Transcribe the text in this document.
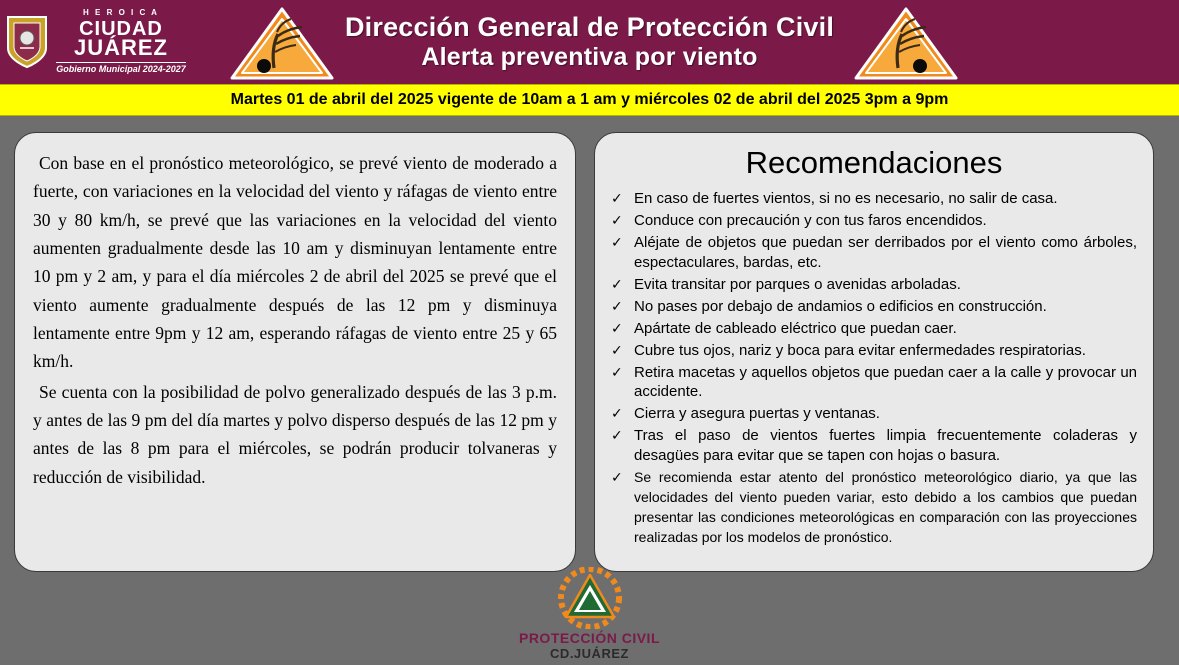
H E R O I C A
CIUDAD
JUÁREZ
Gobierno Municipal 2024-2027
Dirección General de Protección Civil
Alerta preventiva por viento
Martes 01 de abril del 2025 vigente de 10am a 1 am y miércoles 02 de abril del 2025 3pm a 9pm

Con base en el pronóstico meteorológico, se prevé viento de moderado a fuerte, con variaciones en la velocidad del viento y ráfagas de viento entre 30 y 80 km/h, se prevé que las variaciones en la velocidad del viento aumenten gradualmente desde las 10 am y disminuyan lentamente entre 10 pm y 2 am, y para el día miércoles 2 de abril del 2025 se prevé que el viento aumente gradualmente después de las 12 pm y disminuya lentamente entre 9pm y 12 am, esperando ráfagas de viento entre 25 y 65 km/h.

Se cuenta con la posibilidad de polvo generalizado después de las 3 p.m. y antes de las 9 pm del día martes y polvo disperso después de las 12 pm y antes de las 8 pm para el miércoles, se podrán producir tolvaneras y reducción de visibilidad.

Recomendaciones
✓ En caso de fuertes vientos, si no es necesario, no salir de casa.
✓ Conduce con precaución y con tus faros encendidos.
✓ Aléjate de objetos que puedan ser derribados por el viento como árboles, espectaculares, bardas, etc.
✓ Evita transitar por parques o avenidas arboladas.
✓ No pases por debajo de andamios o edificios en construcción.
✓ Apártate de cableado eléctrico que puedan caer.
✓ Cubre tus ojos, nariz y boca para evitar enfermedades respiratorias.
✓ Retira macetas y aquellos objetos que puedan caer a la calle y provocar un accidente.
✓ Cierra y asegura puertas y ventanas.
✓ Tras el paso de vientos fuertes limpia frecuentemente coladeras y desagües para evitar que se tapen con hojas o basura.
✓ Se recomienda estar atento del pronóstico meteorológico diario, ya que las velocidades del viento pueden variar, esto debido a los cambios que puedan presentar las condiciones meteorológicas en comparación con las proyecciones realizadas por los modelos de pronóstico.
PROTECCIÓN CIVIL
CD.JUÁREZ
